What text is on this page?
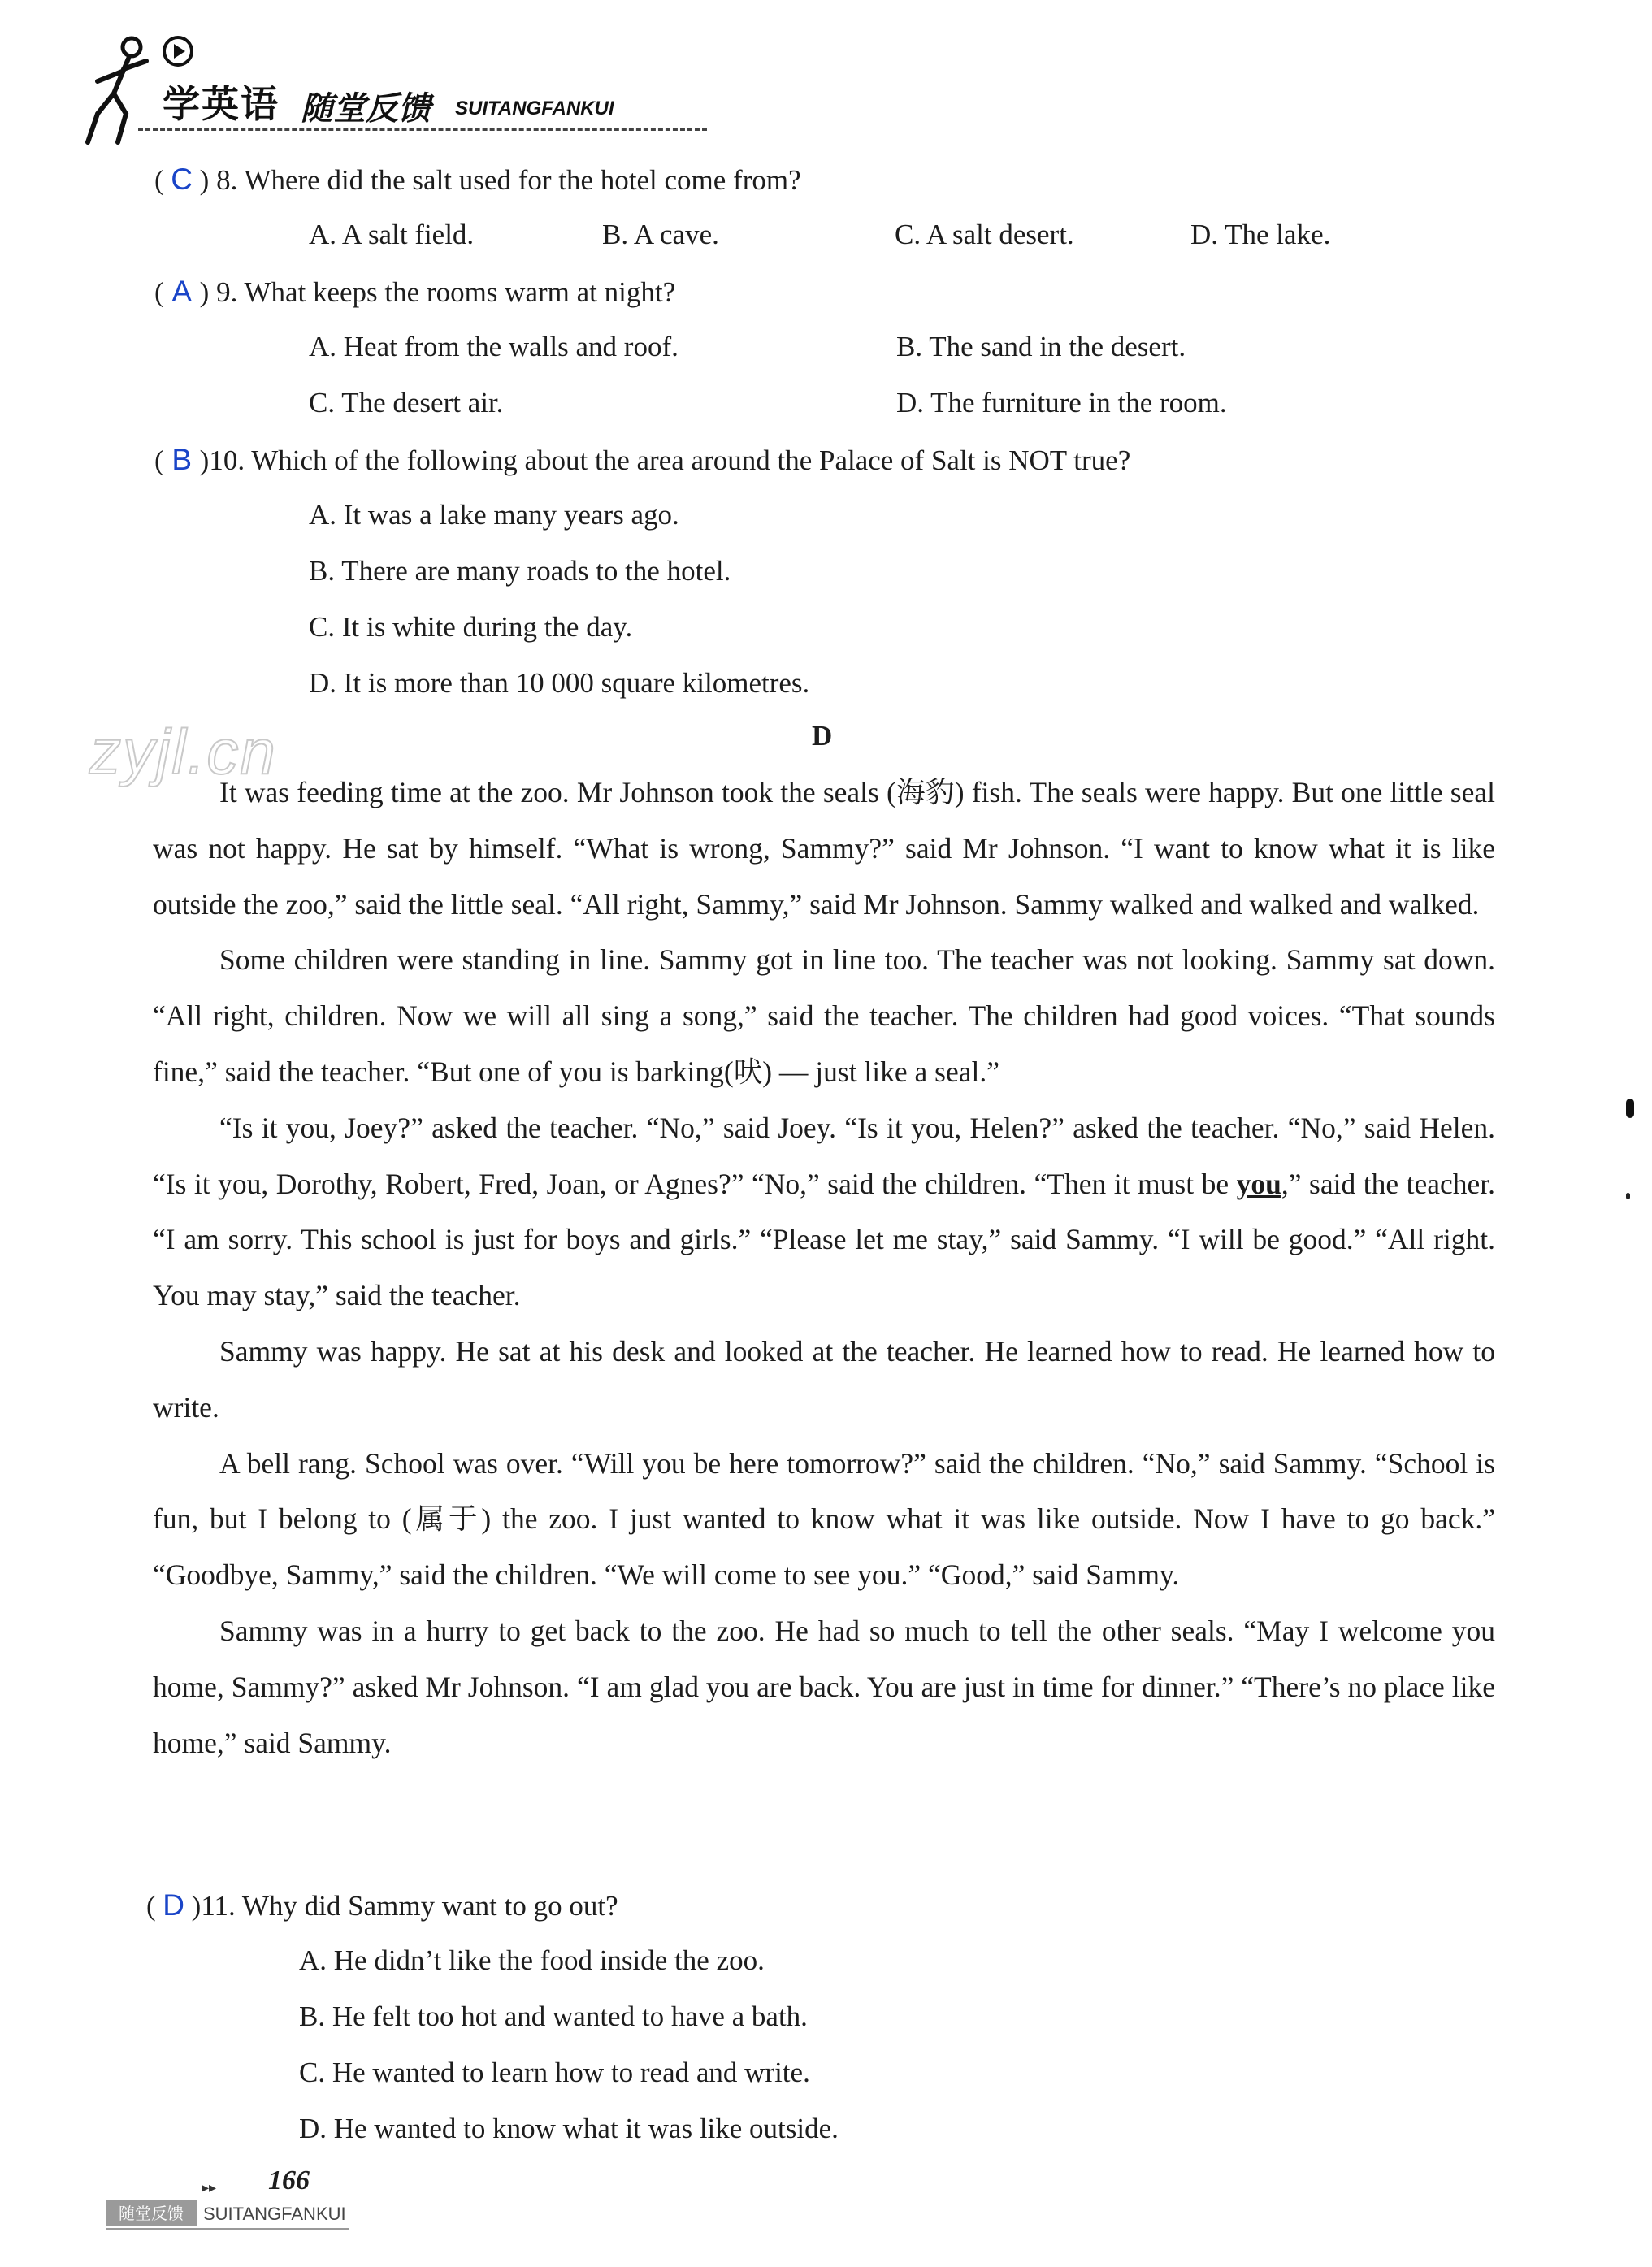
学英语 随堂反馈 SUITANGFANKUI
( C ) 8. Where did the salt used for the hotel come from?
A. A salt field.	B. A cave.	C. A salt desert.	D. The lake.
( A ) 9. What keeps the rooms warm at night?
A. Heat from the walls and roof.	B. The sand in the desert.
C. The desert air.	D. The furniture in the room.
( B )10. Which of the following about the area around the Palace of Salt is NOT true?
A. It was a lake many years ago.
B. There are many roads to the hotel.
C. It is white during the day.
D. It is more than 10 000 square kilometres.
zyjl.cn	D

It was feeding time at the zoo. Mr Johnson took the seals (海豹) fish. The seals were happy. But one little seal was not happy. He sat by himself. “What is wrong, Sammy?” said Mr Johnson. “I want to know what it is like outside the zoo,” said the little seal. “All right, Sammy,” said Mr Johnson. Sammy walked and walked and walked.

Some children were standing in line. Sammy got in line too. The teacher was not looking. Sammy sat down. “All right, children. Now we will all sing a song,” said the teacher. The children had good voices. “That sounds fine,” said the teacher. “But one of you is barking(吠) — just like a seal.”

“Is it you, Joey?” asked the teacher. “No,” said Joey. “Is it you, Helen?” asked the teacher. “No,” said Helen. “Is it you, Dorothy, Robert, Fred, Joan, or Agnes?” “No,” said the children. “Then it must be you,” said the teacher. “I am sorry. This school is just for boys and girls.” “Please let me stay,” said Sammy. “I will be good.” “All right. You may stay,” said the teacher.

Sammy was happy. He sat at his desk and looked at the teacher. He learned how to read. He learned how to write.

A bell rang. School was over. “Will you be here tomorrow?” said the children. “No,” said Sammy. “School is fun, but I belong to (属于) the zoo. I just wanted to know what it was like outside. Now I have to go back.” “Goodbye, Sammy,” said the children. “We will come to see you.” “Good,” said Sammy.

Sammy was in a hurry to get back to the zoo. He had so much to tell the other seals. “May I welcome you home, Sammy?” asked Mr Johnson. “I am glad you are back. You are just in time for dinner.” “There’s no place like home,” said Sammy.

( D )11. Why did Sammy want to go out?
A. He didn’t like the food inside the zoo.
B. He felt too hot and wanted to have a bath.
C. He wanted to learn how to read and write.
D. He wanted to know what it was like outside.
▸▸ 166
随堂反馈	SUITANGFANKUI
